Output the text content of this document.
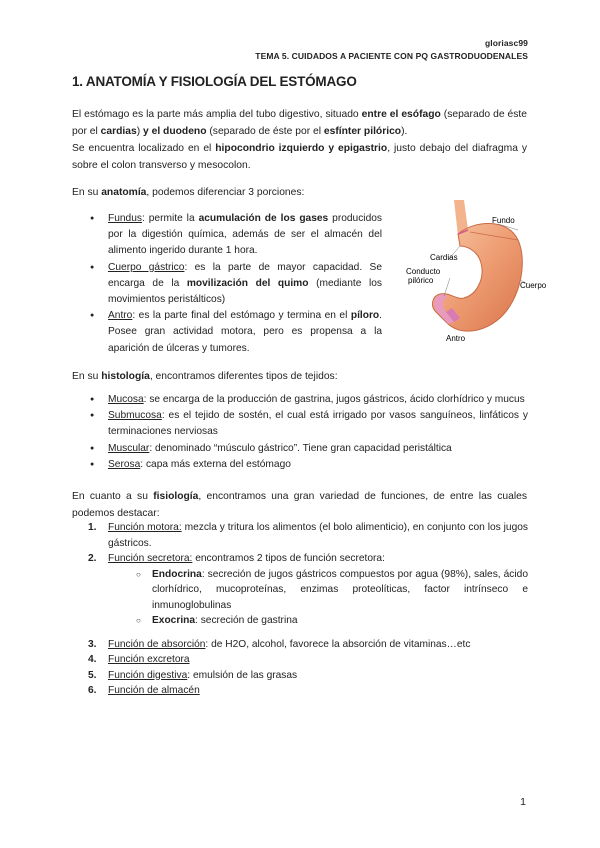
gloriasc99
TEMA 5. CUIDADOS A PACIENTE CON PQ GASTRODUODENALES
1. ANATOMÍA Y FISIOLOGÍA DEL ESTÓMAGO
El estómago es la parte más amplia del tubo digestivo, situado entre el esófago (separado de éste por el cardias) y el duodeno (separado de éste por el esfínter pilórico).
Se encuentra localizado en el hipocondrio izquierdo y epigastrio, justo debajo del diafragma y sobre el colon transverso y mesocolon.
En su anatomía, podemos diferenciar 3 porciones:
● Fundus: permite la acumulación de los gases producidos por la digestión química, además de ser el almacén del alimento ingerido durante 1 hora.
● Cuerpo gástrico: es la parte de mayor capacidad. Se encarga de la movilización del quimo (mediante los movimientos peristálticos)
● Antro: es la parte final del estómago y termina en el píloro. Posee gran actividad motora, pero es propensa a la aparición de úlceras y tumores.
Fundo
Cardias
Conducto
pilórico
Cuerpo
Antro
En su histología, encontramos diferentes tipos de tejidos:
● Mucosa: se encarga de la producción de gastrina, jugos gástricos, ácido clorhídrico y mucus
● Submucosa: es el tejido de sostén, el cual está irrigado por vasos sanguíneos, linfáticos y terminaciones nerviosas
● Muscular: denominado “músculo gástrico”. Tiene gran capacidad peristáltica
● Serosa: capa más externa del estómago
En cuanto a su fisiología, encontramos una gran variedad de funciones, de entre las cuales podemos destacar:
1. Función motora: mezcla y tritura los alimentos (el bolo alimenticio), en conjunto con los jugos gástricos.
2. Función secretora: encontramos 2 tipos de función secretora:
○ Endocrina: secreción de jugos gástricos compuestos por agua (98%), sales, ácido clorhídrico, mucoproteínas, enzimas proteolíticas, factor intrínseco e inmunoglobulinas
○ Exocrina: secreción de gastrina
3. Función de absorción: de H2O, alcohol, favorece la absorción de vitaminas…etc
4. Función excretora
5. Función digestiva: emulsión de las grasas
6. Función de almacén
1
